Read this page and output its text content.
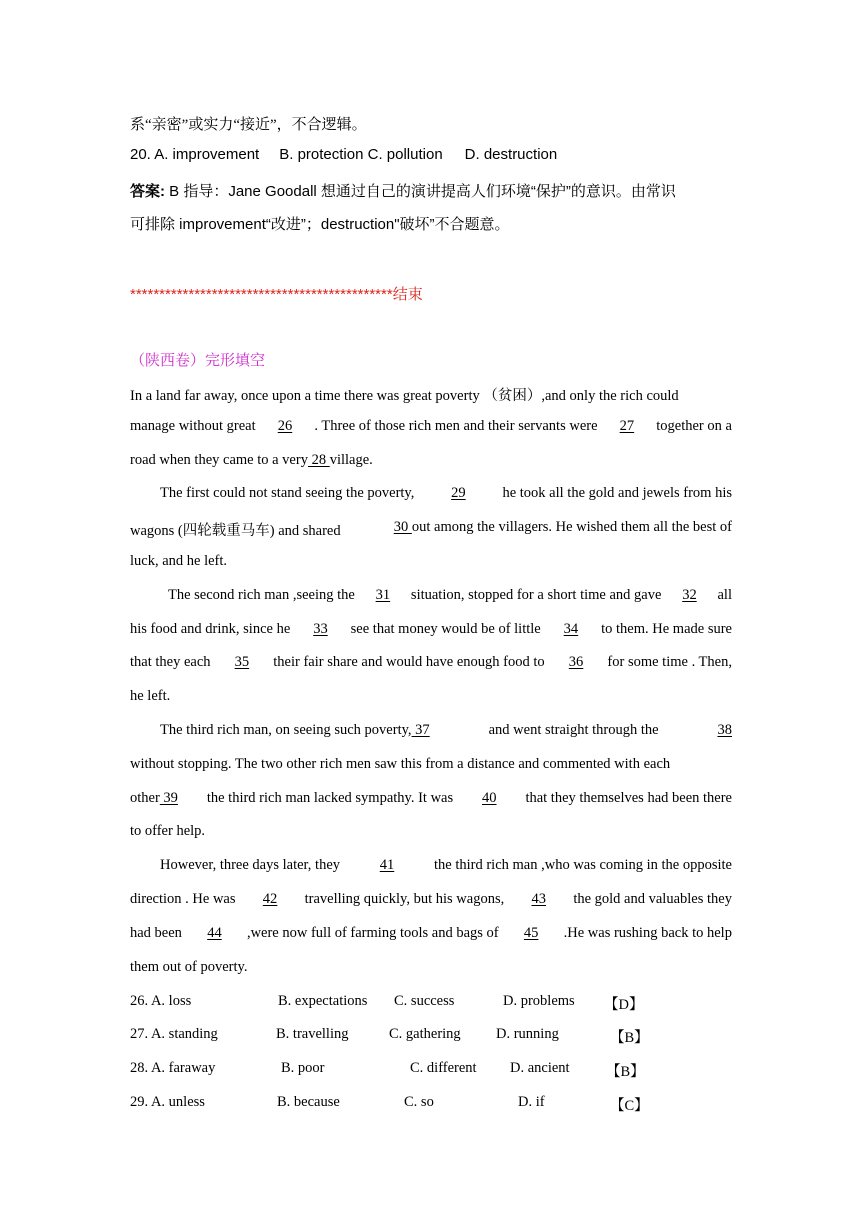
系“亲密”或实力“接近”，不合逻辑。
20. A. improvement B. protection C. pollution D. destruction
答案: B 指导：Jane Goodall 想通过自己的演讲提高人们环境“保护”的意识。由常识
可排除 improvement“改进”；destruction"破坏”不合题意。
*********************************************结束
（陕西卷）完形填空
In a land far away, once upon a time there was great poverty （贫困）,and only the rich could
manage without great 26 . Three of those rich men and their servants were 27 together on a
road when they came to a very 28 village.
The first could not stand seeing the poverty,	29	he took all the gold and jewels from his
wagons (四轮载重马车) and shared	30 out among the villagers. He wished them all the best of
luck, and he left.
The second rich man ,seeing the 31 situation, stopped for a short time and gave 32 all
his food and drink, since he 33 see that money would be of little 34 to them. He made sure
that they each 35 their fair share and would have enough food to 36 for some time . Then,
he left.
The third rich man, on seeing such poverty, 37	and went straight through the	38
without stopping. The two other rich men saw this from a distance and commented with each
other 39 the third rich man lacked sympathy. It was 40 that they themselves had been there
to offer help.
However, three days later, they	41	the third rich man ,who was coming in the opposite
direction . He was 42 travelling quickly, but his wagons, 43 the gold and valuables they
had been 44 ,were now full of farming tools and bags of 45 .He was rushing back to help
them out of poverty.
26. A. loss	B. expectations C. success	D. problems 【D】
27. A. standing	B. travelling	C. gathering D. running	【B】
28. A. faraway	B. poor	C. different D. ancient	【B】
29. A. unless	B. because	C. so	D. if	【C】
